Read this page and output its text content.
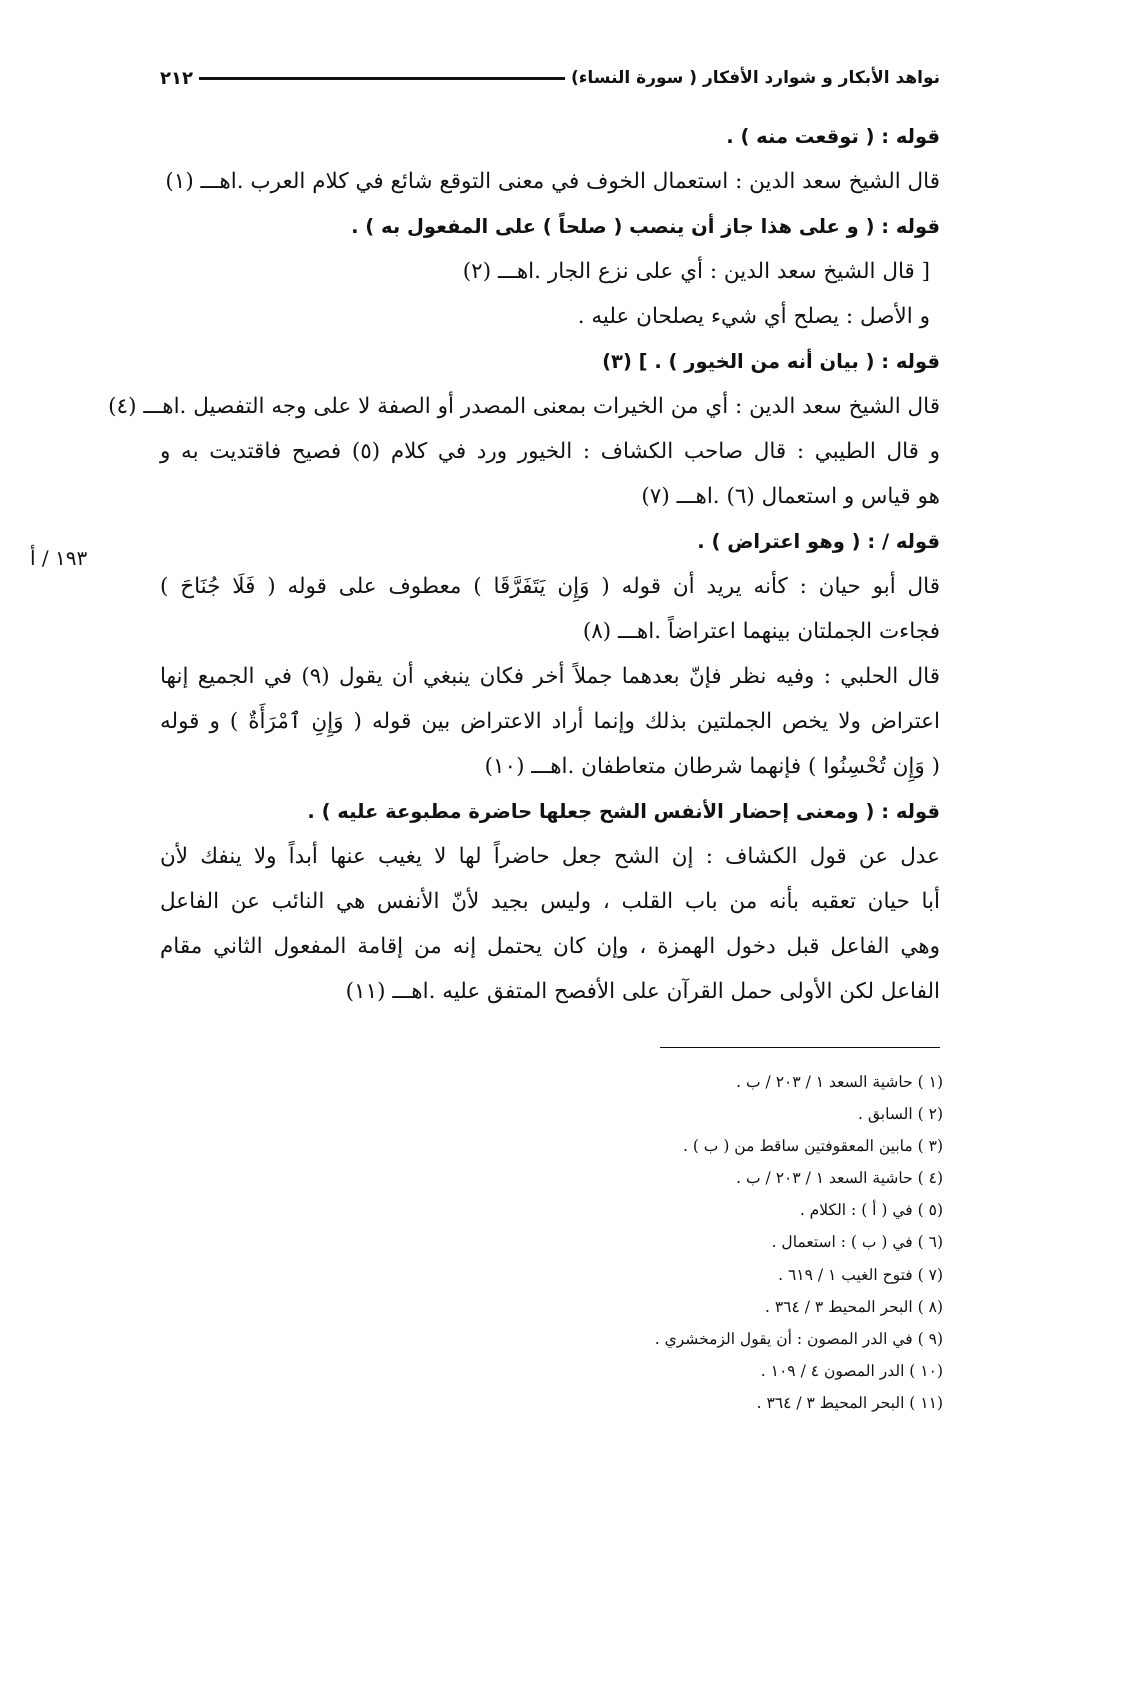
نواهد الأبكار و شوارد الأفكار ( سورة النساء)
٢١٢
١٩٣ / أ
قوله : ( توقعت منه ) .
قال الشيخ سعد الدين : استعمال الخوف في معنى التوقع شائع في كلام العرب .اهـــ (١)
قوله : ( و على هذا جاز أن ينصب ( صلحاً ) على المفعول به ) .
[ قال الشيخ سعد الدين : أي على نزع الجار .اهـــ (٢)
و الأصل : يصلح أي شيء يصلحان عليه .
قوله : ( بيان أنه من الخيور ) . ] (٣)
قال الشيخ سعد الدين : أي من الخيرات بمعنى المصدر أو الصفة لا على وجه التفصيل .اهـــ (٤)
و قال الطيبي : قال صاحب الكشاف : الخيور ورد في كلام (٥) فصيح فاقتديت به و
هو قياس و استعمال (٦) .اهـــ (٧)
قوله / : ( وهو اعتراض ) .
قال أبو حيان : كأنه يريد أن قوله ( وَإِن يَتَفَرَّقَا ) معطوف على قوله ( فَلَا جُنَاحَ )
فجاءت الجملتان بينهما اعتراضاً .اهـــ (٨)
قال الحلبي : وفيه نظر فإنّ بعدهما جملاً أخر فكان ينبغي أن يقول (٩) في الجميع إنها
اعتراض ولا يخص الجملتين بذلك وإنما أراد الاعتراض بين قوله ( وَإِنِ ٱمْرَأَةٌ ) و قوله
( وَإِن تُحْسِنُوا ) فإنهما شرطان متعاطفان .اهـــ (١٠)
قوله : ( ومعنى إحضار الأنفس الشح جعلها حاضرة مطبوعة عليه ) .
عدل عن قول الكشاف : إن الشح جعل حاضراً لها لا يغيب عنها أبداً ولا ينفك لأن
أبا حيان تعقبه بأنه من باب القلب ، وليس بجيد لأنّ الأنفس هي النائب عن الفاعل
وهي الفاعل قبل دخول الهمزة ، وإن كان يحتمل إنه من إقامة المفعول الثاني مقام
الفاعل لكن الأولى حمل القرآن على الأفصح المتفق عليه .اهـــ (١١)
(١ ) حاشية السعد ١ / ٢٠٣ / ب .
(٢ ) السابق .
(٣ ) مابين المعقوفتين ساقط من ( ب ) .
(٤ ) حاشية السعد ١ / ٢٠٣ / ب .
(٥ ) في ( أ ) : الكلام .
(٦ ) في ( ب ) : استعمال .
(٧ ) فتوح الغيب ١ / ٦١٩ .
(٨ ) البحر المحيط ٣ / ٣٦٤ .
(٩ ) في الدر المصون : أن يقول الزمخشري .
(١٠ ) الدر المصون ٤ / ١٠٩ .
(١١ ) البحر المحيط ٣ / ٣٦٤ .
